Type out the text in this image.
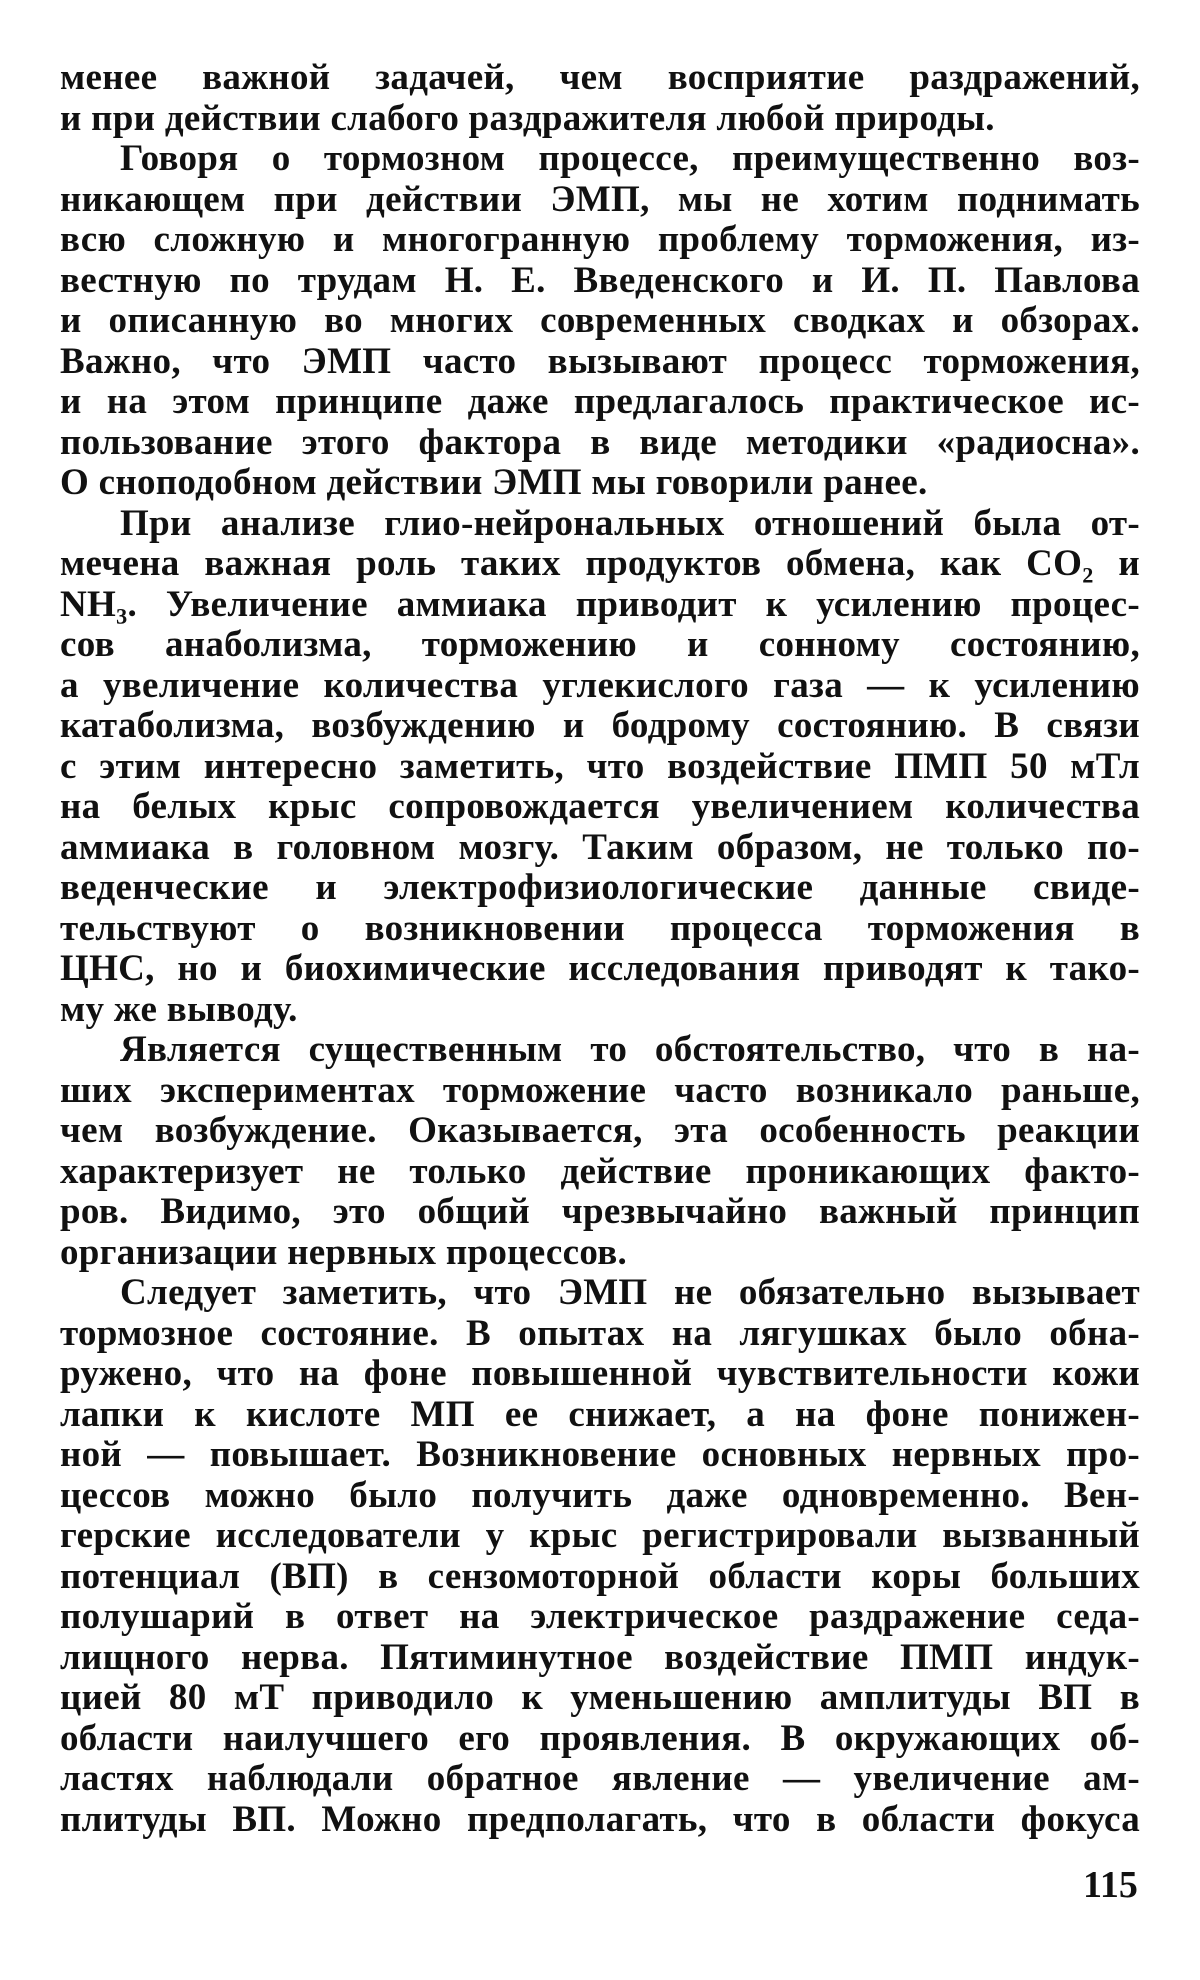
менее важной задачей, чем восприятие раздражений,
и при действии слабого раздражителя любой природы.
Говоря о тормозном процессе, преимущественно воз-
никающем при действии ЭМП, мы не хотим поднимать
всю сложную и многогранную проблему торможения, из-
вестную по трудам Н. Е. Введенского и И. П. Павлова
и описанную во многих современных сводках и обзорах.
Важно, что ЭМП часто вызывают процесс торможения,
и на этом принципе даже предлагалось практическое ис-
пользование этого фактора в виде методики «радиосна».
О сноподобном действии ЭМП мы говорили ранее.
При анализе глио-нейрональных отношений была от-
мечена важная роль таких продуктов обмена, как СО₂ и
NH₃. Увеличение аммиака приводит к усилению процес-
сов анаболизма, торможению и сонному состоянию,
а увеличение количества углекислого газа — к усилению
катаболизма, возбуждению и бодрому состоянию. В связи
с этим интересно заметить, что воздействие ПМП 50 мТл
на белых крыс сопровождается увеличением количества
аммиака в головном мозгу. Таким образом, не только по-
веденческие и электрофизиологические данные свиде-
тельствуют о возникновении процесса торможения в
ЦНС, но и биохимические исследования приводят к тако-
му же выводу.
Является существенным то обстоятельство, что в на-
ших экспериментах торможение часто возникало раньше,
чем возбуждение. Оказывается, эта особенность реакции
характеризует не только действие проникающих факто-
ров. Видимо, это общий чрезвычайно важный принцип
организации нервных процессов.
Следует заметить, что ЭМП не обязательно вызывает
тормозное состояние. В опытах на лягушках было обна-
ружено, что на фоне повышенной чувствительности кожи
лапки к кислоте МП ее снижает, а на фоне понижен-
ной — повышает. Возникновение основных нервных про-
цессов можно было получить даже одновременно. Вен-
герские исследователи у крыс регистрировали вызванный
потенциал (ВП) в сензомоторной области коры больших
полушарий в ответ на электрическое раздражение седа-
лищного нерва. Пятиминутное воздействие ПМП индук-
цией 80 мТ приводило к уменьшению амплитуды ВП в
области наилучшего его проявления. В окружающих об-
ластях наблюдали обратное явление — увеличение ам-
плитуды ВП. Можно предполагать, что в области фокуса
115
